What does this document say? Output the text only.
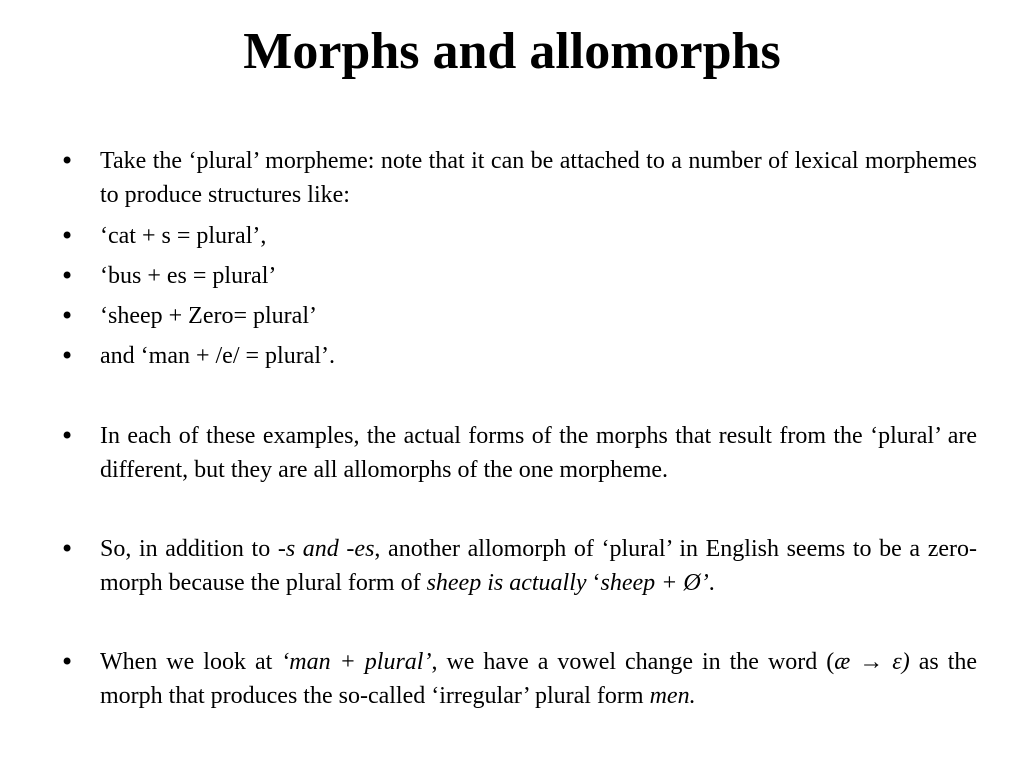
Morphs and allomorphs
• Take the ‘plural’ morpheme: note that it can be attached to a number of lexical morphemes to produce structures like:
• ‘cat + s = plural’,
• ‘bus + es = plural’
• ‘sheep + Zero= plural’
• and ‘man + /e/ = plural’.
• In each of these examples, the actual forms of the morphs that result from the ‘plural’ are different, but they are all allomorphs of the one morpheme.
• So, in addition to -s and -es, another allomorph of ‘plural’ in English seems to be a zero-morph because the plural form of sheep is actually ‘sheep + Ø’.
• When we look at ‘man + plural’, we have a vowel change in the word (æ → ε) as the morph that produces the so-called ‘irregular’ plural form men.
